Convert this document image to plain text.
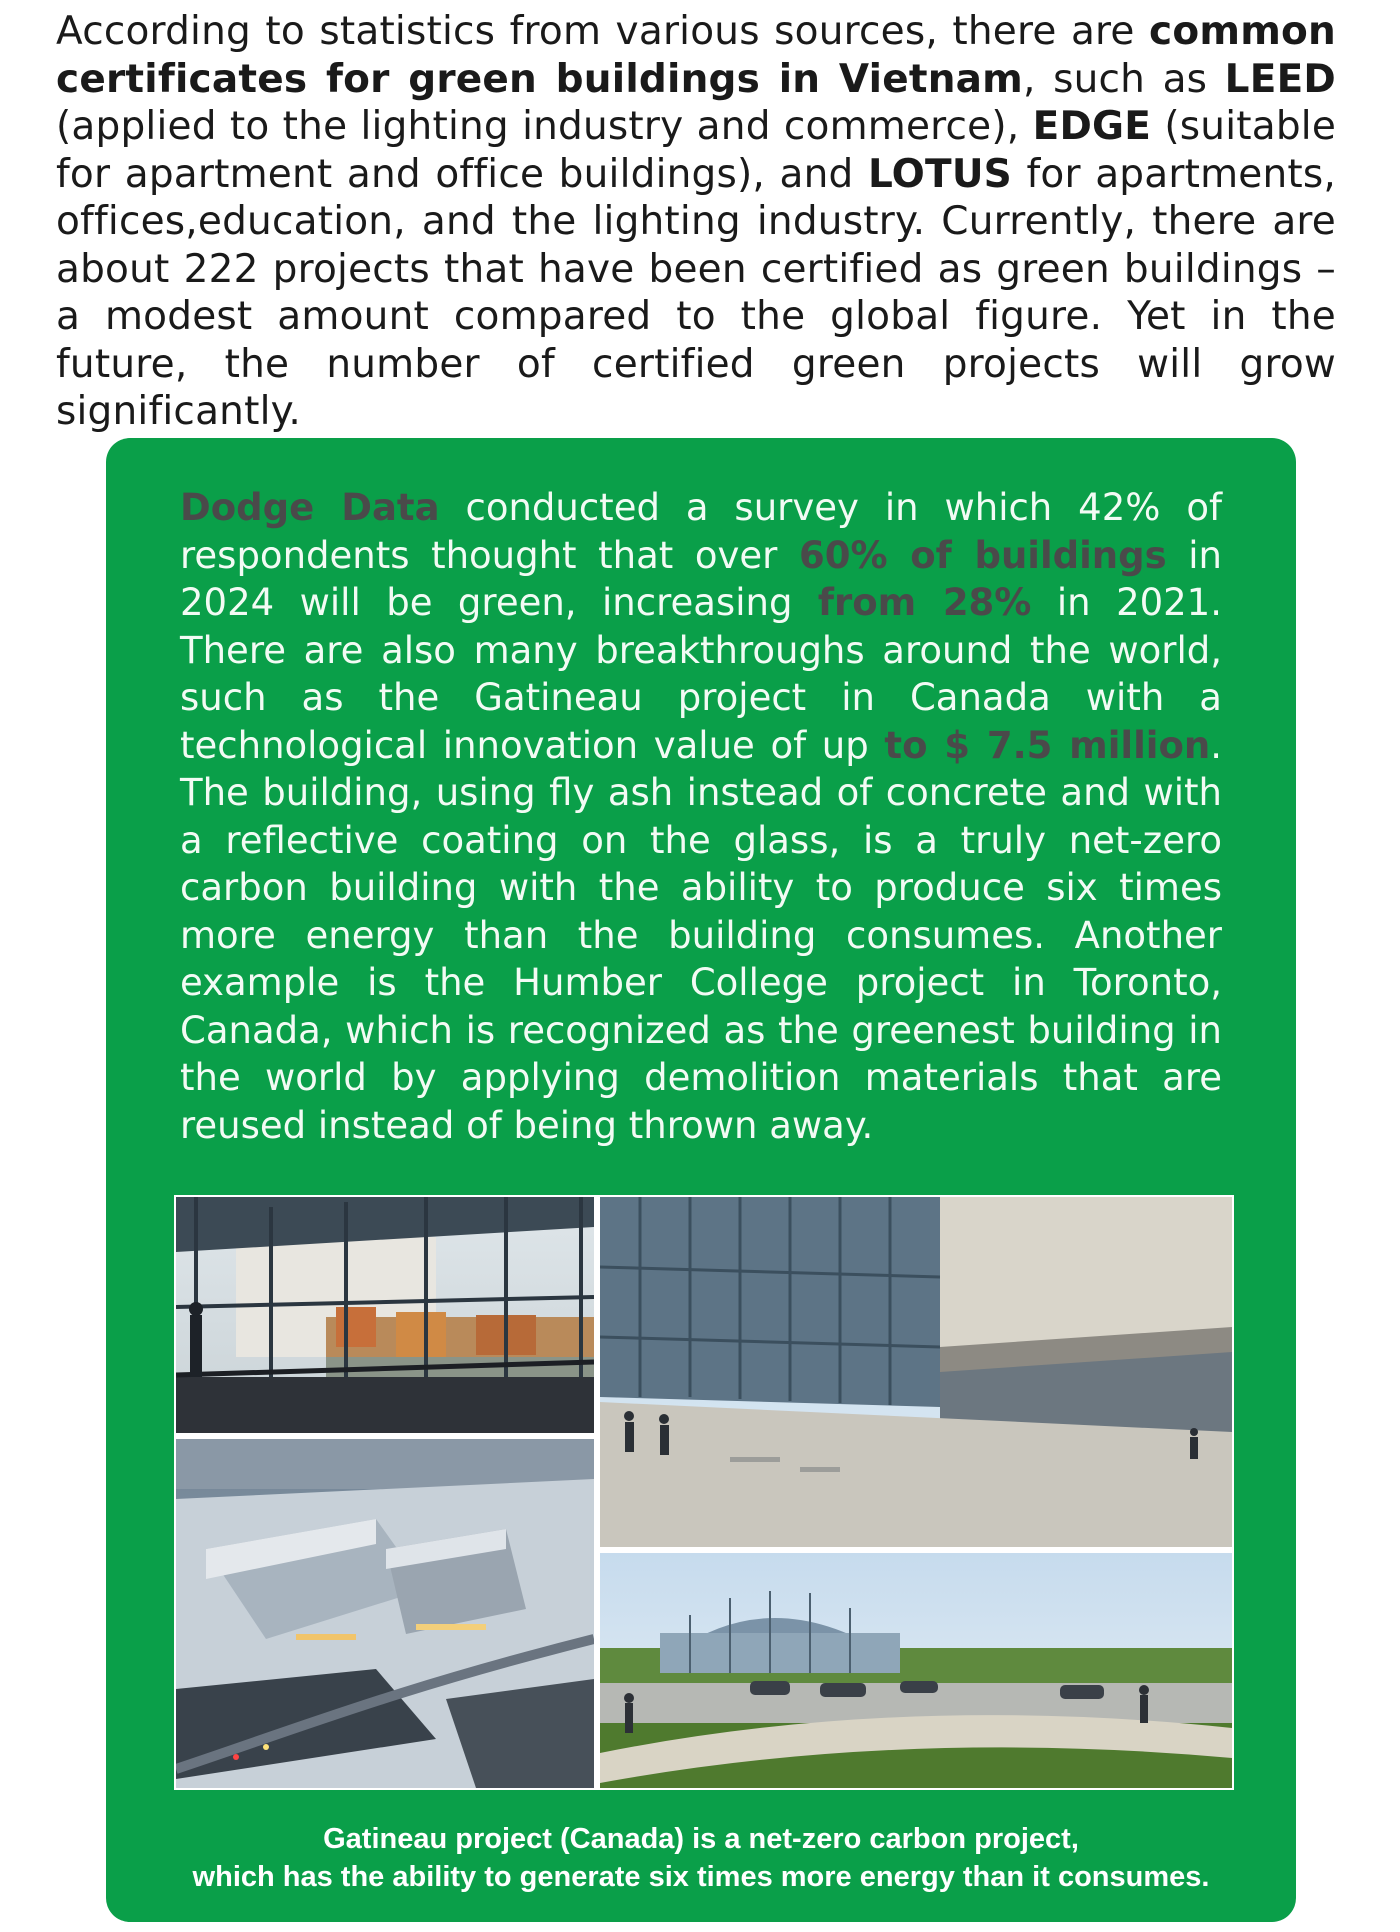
According to statistics from various sources, there are common certificates for green buildings in Vietnam, such as LEED (applied to the lighting industry and commerce), EDGE (suitable for apartment and office buildings), and LOTUS for apartments, offices,education, and the lighting industry. Currently, there are about 222 projects that have been certified as green buildings – a modest amount compared to the global figure. Yet in the future, the number of certified green projects will grow significantly.
Dodge Data conducted a survey in which 42% of respondents thought that over 60% of buildings in 2024 will be green, increasing from 28% in 2021. There are also many breakthroughs around the world, such as the Gatineau project in Canada with a technological innovation value of up to $ 7.5 million. The building, using fly ash instead of concrete and with a reflective coating on the glass, is a truly net-zero carbon building with the ability to produce six times more energy than the building consumes. Another example is the Humber College project in Toronto, Canada, which is recognized as the greenest building in the world by applying demolition materials that are reused instead of being thrown away.
Gatineau project (Canada) is a net-zero carbon project,
which has the ability to generate six times more energy than it consumes.
